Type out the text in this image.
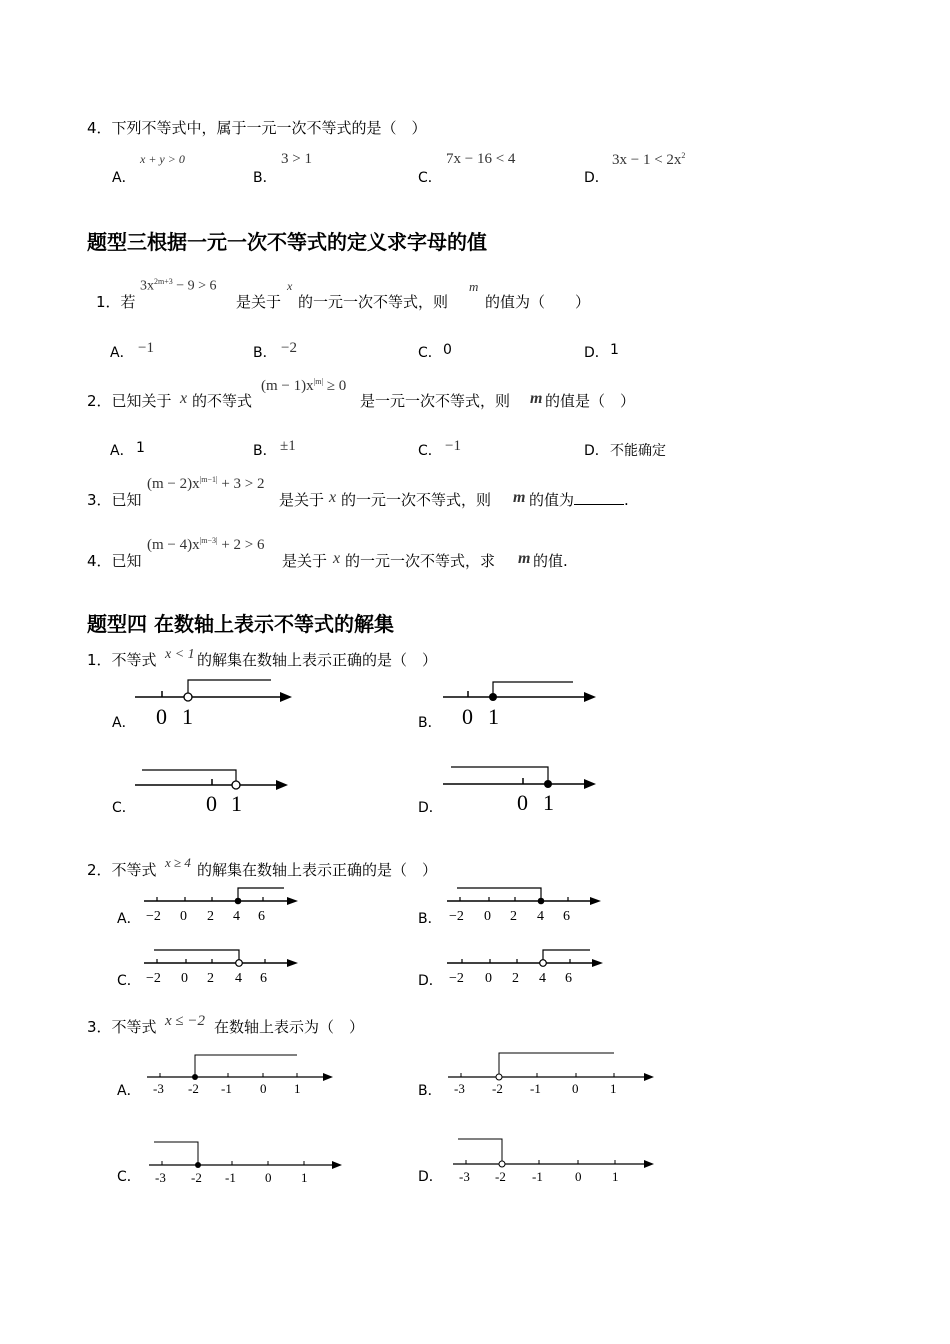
4．下列不等式中，属于一元一次不等式的是（　）
A．
x + y > 0
B．
3 > 1
C．
7x − 16 < 4
D．
$3x - 1 < 2x^2$
题型三根据一元一次不等式的定义求字母的值
1．若
$3x^{2m+3} - 9 > 6$
是关于
x
的一元一次不等式，则
m
的值为（　　）
A． −1	B． −2	C． 0	D． 1
2．已知关于 x 的不等式
$(m - 1)x^{|m|} \ge 0$
是一元一次不等式，则 m 的值是（　）
A． 1	B． ±1	C． −1	D． 不能确定
3．已知
$(m - 2)x^{|m-1|} + 3 > 2$
是关于 x 的一元一次不等式，则 m 的值为	.
4．已知
$(m - 4)x^{|m-3|} + 2 > 6$
是关于 x 的一元一次不等式，求 m 的值.
题型四 在数轴上表示不等式的解集
1．不等式 x < 1 的解集在数轴上表示正确的是（　）
A．	B．
C．	D．
0 1	0 1
0 1	0 1
2．不等式 x ≥ 4 的解集在数轴上表示正确的是（　）
A．	B．
C．	D．
−2 0 2 4 6	−2 0 2 4 6
−2 0 2 4 6	−2 0 2 4 6
3．不等式 x ≤ −2 在数轴上表示为（　）
A．	B．
C．	D．
-3 -2 -1 0 1	-3 -2 -1 0 1
-3 -2 -1 0 1	-3 -2 -1 0 1
